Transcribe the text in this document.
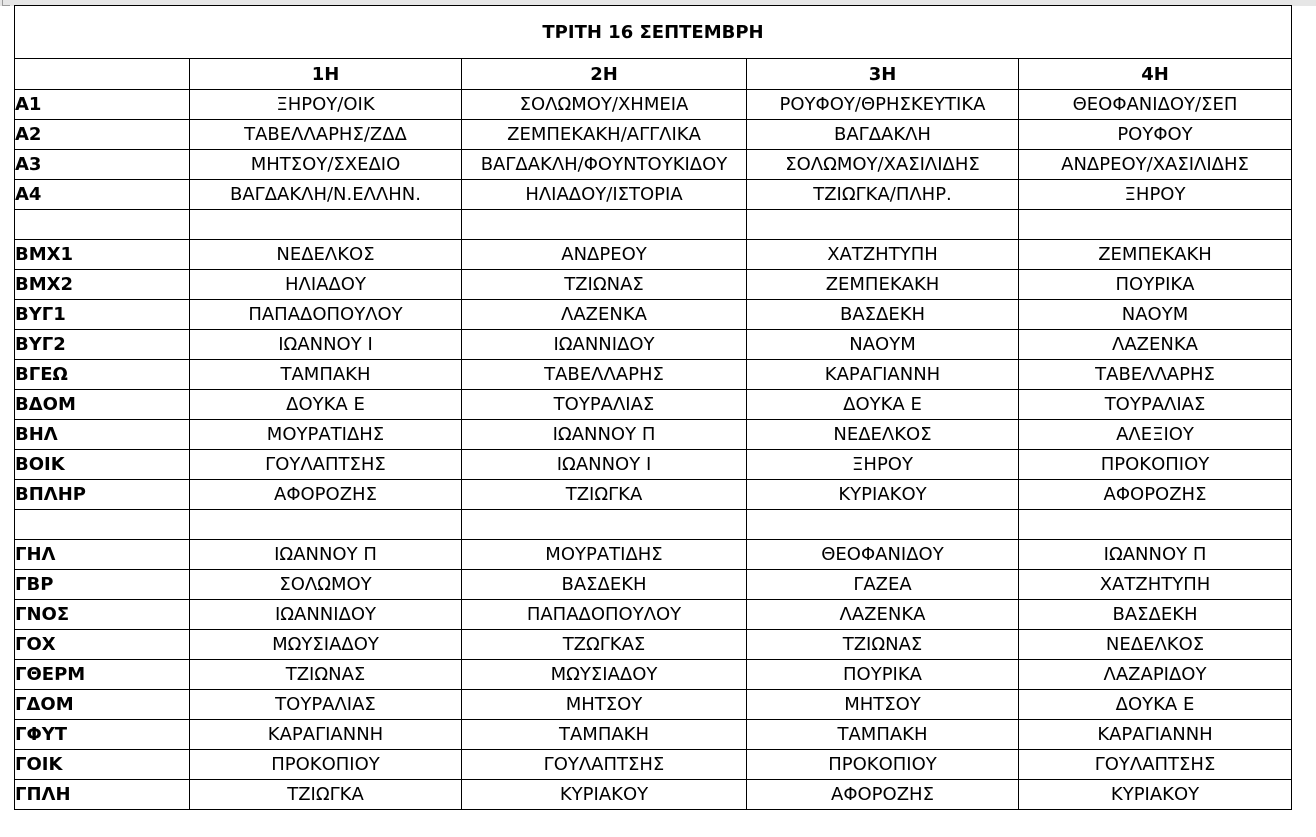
ΤΡΙΤΗ 16 ΣΕΠΤΕΜΒΡΗ				
	1Η	2Η	3Η	4Η
Α1	ΞΗΡΟΥ/ΟΙΚ	ΣΟΛΩΜΟΥ/ΧΗΜΕΙΑ	ΡΟΥΦΟΥ/ΘΡΗΣΚΕΥΤΙΚΑ	ΘΕΟΦΑΝΙΔΟΥ/ΣΕΠ
Α2	ΤΑΒΕΛΛΑΡΗΣ/ΖΔΔ	ΖΕΜΠΕΚΑΚΗ/ΑΓΓΛΙΚΑ	ΒΑΓΔΑΚΛΗ	ΡΟΥΦΟΥ
Α3	ΜΗΤΣΟΥ/ΣΧΕΔΙΟ	ΒΑΓΔΑΚΛΗ/ΦΟΥΝΤΟΥΚΙΔΟΥ	ΣΟΛΩΜΟΥ/ΧΑΣΙΛΙΔΗΣ	ΑΝΔΡΕΟΥ/ΧΑΣΙΛΙΔΗΣ
Α4	ΒΑΓΔΑΚΛΗ/Ν.ΕΛΛΗΝ.	ΗΛΙΑΔΟΥ/ΙΣΤΟΡΙΑ	ΤΖΙΩΓΚΑ/ΠΛΗΡ.	ΞΗΡΟΥ

ΒΜΧ1	ΝΕΔΕΛΚΟΣ	ΑΝΔΡΕΟΥ	ΧΑΤΖΗΤΥΠΗ	ΖΕΜΠΕΚΑΚΗ
ΒΜΧ2	ΗΛΙΑΔΟΥ	ΤΖΙΩΝΑΣ	ΖΕΜΠΕΚΑΚΗ	ΠΟΥΡΙΚΑ
ΒΥΓ1	ΠΑΠΑΔΟΠΟΥΛΟΥ	ΛΑΖΕΝΚΑ	ΒΑΣΔΕΚΗ	ΝΑΟΥΜ
ΒΥΓ2	ΙΩΑΝΝΟΥ Ι	ΙΩΑΝΝΙΔΟΥ	ΝΑΟΥΜ	ΛΑΖΕΝΚΑ
ΒΓΕΩ	ΤΑΜΠΑΚΗ	ΤΑΒΕΛΛΑΡΗΣ	ΚΑΡΑΓΙΑΝΝΗ	ΤΑΒΕΛΛΑΡΗΣ
ΒΔΟΜ	ΔΟΥΚΑ Ε	ΤΟΥΡΑΛΙΑΣ	ΔΟΥΚΑ Ε	ΤΟΥΡΑΛΙΑΣ
ΒΗΛ	ΜΟΥΡΑΤΙΔΗΣ	ΙΩΑΝΝΟΥ Π	ΝΕΔΕΛΚΟΣ	ΑΛΕΞΙΟΥ
ΒΟΙΚ	ΓΟΥΛΑΠΤΣΗΣ	ΙΩΑΝΝΟΥ Ι	ΞΗΡΟΥ	ΠΡΟΚΟΠΙΟΥ
ΒΠΛΗΡ	ΑΦΟΡΟΖΗΣ	ΤΖΙΩΓΚΑ	ΚΥΡΙΑΚΟΥ	ΑΦΟΡΟΖΗΣ

ΓΗΛ	ΙΩΑΝΝΟΥ Π	ΜΟΥΡΑΤΙΔΗΣ	ΘΕΟΦΑΝΙΔΟΥ	ΙΩΑΝΝΟΥ Π
ΓΒΡ	ΣΟΛΩΜΟΥ	ΒΑΣΔΕΚΗ	ΓΑΖΕΑ	ΧΑΤΖΗΤΥΠΗ
ΓΝΟΣ	ΙΩΑΝΝΙΔΟΥ	ΠΑΠΑΔΟΠΟΥΛΟΥ	ΛΑΖΕΝΚΑ	ΒΑΣΔΕΚΗ
ΓΟΧ	ΜΩΥΣΙΑΔΟΥ	ΤΖΩΓΚΑΣ	ΤΖΙΩΝΑΣ	ΝΕΔΕΛΚΟΣ
ΓΘΕΡΜ	ΤΖΙΩΝΑΣ	ΜΩΥΣΙΑΔΟΥ	ΠΟΥΡΙΚΑ	ΛΑΖΑΡΙΔΟΥ
ΓΔΟΜ	ΤΟΥΡΑΛΙΑΣ	ΜΗΤΣΟΥ	ΜΗΤΣΟΥ	ΔΟΥΚΑ Ε
ΓΦΥΤ	ΚΑΡΑΓΙΑΝΝΗ	ΤΑΜΠΑΚΗ	ΤΑΜΠΑΚΗ	ΚΑΡΑΓΙΑΝΝΗ
ΓΟΙΚ	ΠΡΟΚΟΠΙΟΥ	ΓΟΥΛΑΠΤΣΗΣ	ΠΡΟΚΟΠΙΟΥ	ΓΟΥΛΑΠΤΣΗΣ
ΓΠΛΗ	ΤΖΙΩΓΚΑ	ΚΥΡΙΑΚΟΥ	ΑΦΟΡΟΖΗΣ	ΚΥΡΙΑΚΟΥ
